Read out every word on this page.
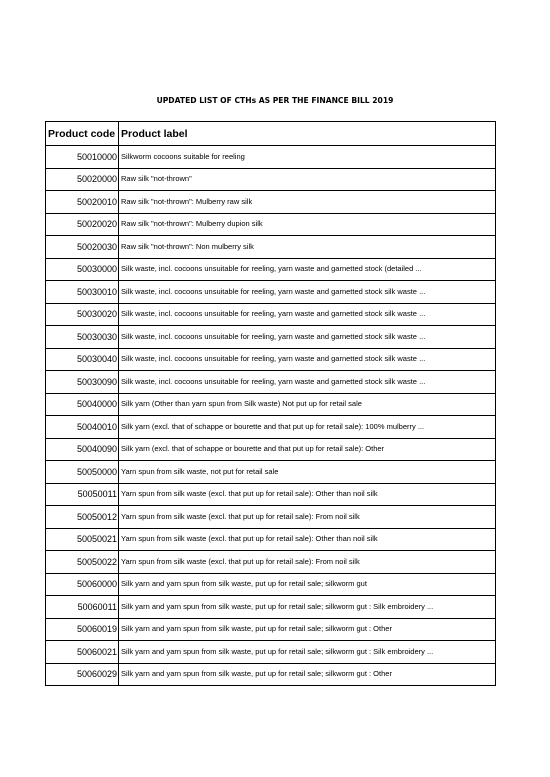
UPDATED LIST OF CTHs AS PER THE FINANCE BILL 2019
Product code	Product label
50010000	Silkworm cocoons suitable for reeling
50020000	Raw silk "not-thrown"
50020010	Raw silk "not-thrown": Mulberry raw silk
50020020	Raw silk "not-thrown": Mulberry dupion silk
50020030	Raw silk "not-thrown": Non mulberry silk
50030000	Silk waste, incl. cocoons unsuitable for reeling, yarn waste and garnetted stock (detailed ...
50030010	Silk waste, incl. cocoons unsuitable for reeling, yarn waste and garnetted stock silk waste ...
50030020	Silk waste, incl. cocoons unsuitable for reeling, yarn waste and garnetted stock silk waste ...
50030030	Silk waste, incl. cocoons unsuitable for reeling, yarn waste and garnetted stock silk waste ...
50030040	Silk waste, incl. cocoons unsuitable for reeling, yarn waste and garnetted stock silk waste ...
50030090	Silk waste, incl. cocoons unsuitable for reeling, yarn waste and garnetted stock silk waste ...
50040000	Silk yarn (Other than yarn spun from Silk waste) Not put up for retail sale
50040010	Silk yarn (excl. that of schappe or bourette and that put up for retail sale): 100% mulberry ...
50040090	Silk yarn (excl. that of schappe or bourette and that put up for retail sale): Other
50050000	Yarn spun from silk waste, not put for retail sale
50050011	Yarn spun from silk waste (excl. that put up for retail sale): Other than noil silk
50050012	Yarn spun from silk waste (excl. that put up for retail sale): From noil silk
50050021	Yarn spun from silk waste (excl. that put up for retail sale): Other than noil silk
50050022	Yarn spun from silk waste (excl. that put up for retail sale): From noil silk
50060000	Silk yarn and yarn spun from silk waste, put up for retail sale; silkworm gut
50060011	Silk yarn and yarn spun from silk waste, put up for retail sale; silkworm gut : Silk embroidery ...
50060019	Silk yarn and yarn spun from silk waste, put up for retail sale; silkworm gut : Other
50060021	Silk yarn and yarn spun from silk waste, put up for retail sale; silkworm gut : Silk embroidery ...
50060029	Silk yarn and yarn spun from silk waste, put up for retail sale; silkworm gut : Other
